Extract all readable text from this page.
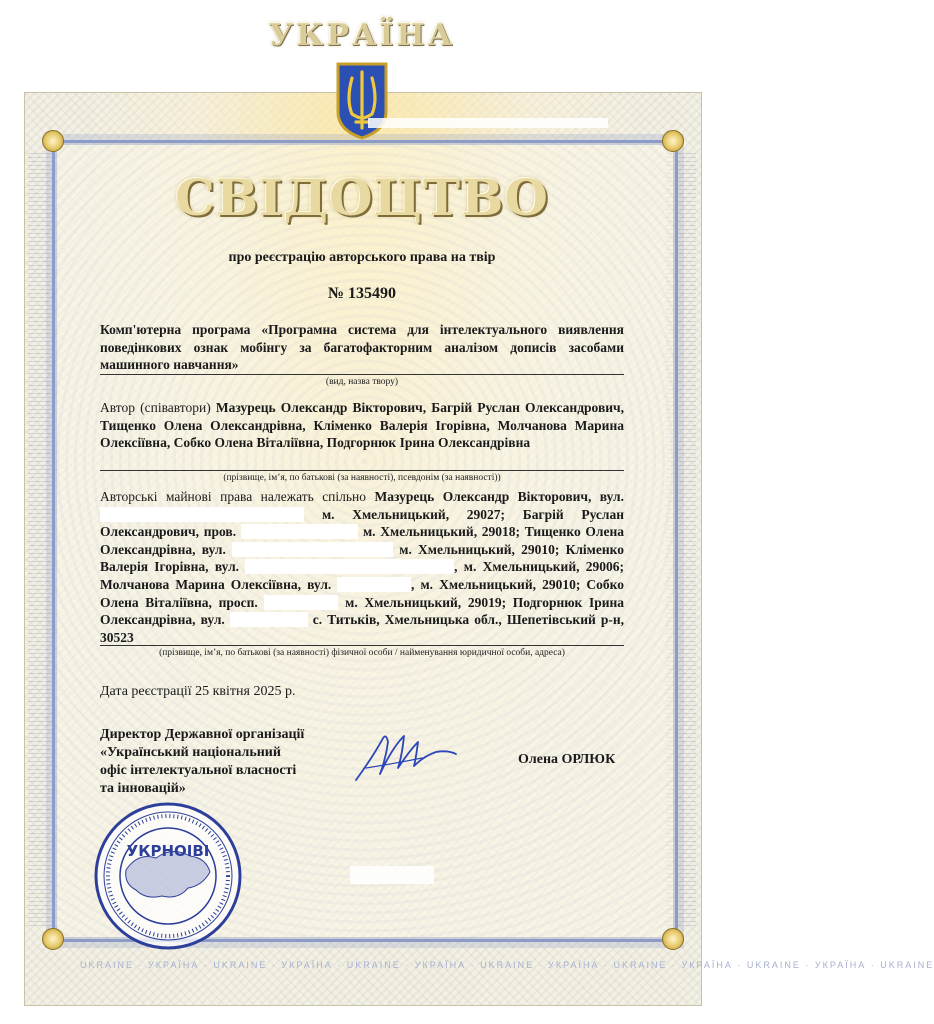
UKRAINE · УКРАЇНА · UKRAINE · УКРАЇНА · UKRAINE · УКРАЇНА · UKRAINE · УКРАЇНА · UKRAINE · УКРАЇНА · UKRAINE · УКРАЇНА · UKRAINE
УКРАЇНА
СВІДОЦТВО
про реєстрацію авторського права на твір
№ 135490
Комп'ютерна програма «Програмна система для інтелектуального виявлення поведінкових ознак мобінгу за багатофакторним аналізом дописів засобами машинного навчання»
(вид, назва твору)
Автор (співавтори) Мазурець Олександр Вікторович, Багрій Руслан Олександрович, Тищенко Олена Олександрівна, Кліменко Валерія Ігорівна, Молчанова Марина Олексіївна, Собко Олена Віталіївна, Подгорнюк Ірина Олександрівна
(прізвище, ім’я, по батькові (за наявності), псевдонім (за наявності))
Авторські майнові права належать спільно Мазурець Олександр Вікторович, вул. м. Хмельницький, 29027; Багрій Руслан Олександрович, пров.	м. Хмельницький, 29018; Тищенко Олена Олександрівна, вул.	м. Хмельницький, 29010; Кліменко Валерія Ігорівна, вул.	, м. Хмельницький, 29006; Молчанова Марина Олексіївна, вул.	, м. Хмельницький, 29010; Собко Олена Віталіївна, просп.	м. Хмельницький, 29019; Подгорнюк Ірина Олександрівна, вул.	с. Титьків, Хмельницька обл., Шепетівський р-н, 30523
(прізвище, ім’я, по батькові (за наявності) фізичної особи / найменування юридичної особи, адреса)
Дата реєстрації 25 квітня 2025 р.
Директор Державної організації
«Український національний
офіс інтелектуальної власності
та інновацій»
Олена ОРЛЮК
УКРНОІВІ
